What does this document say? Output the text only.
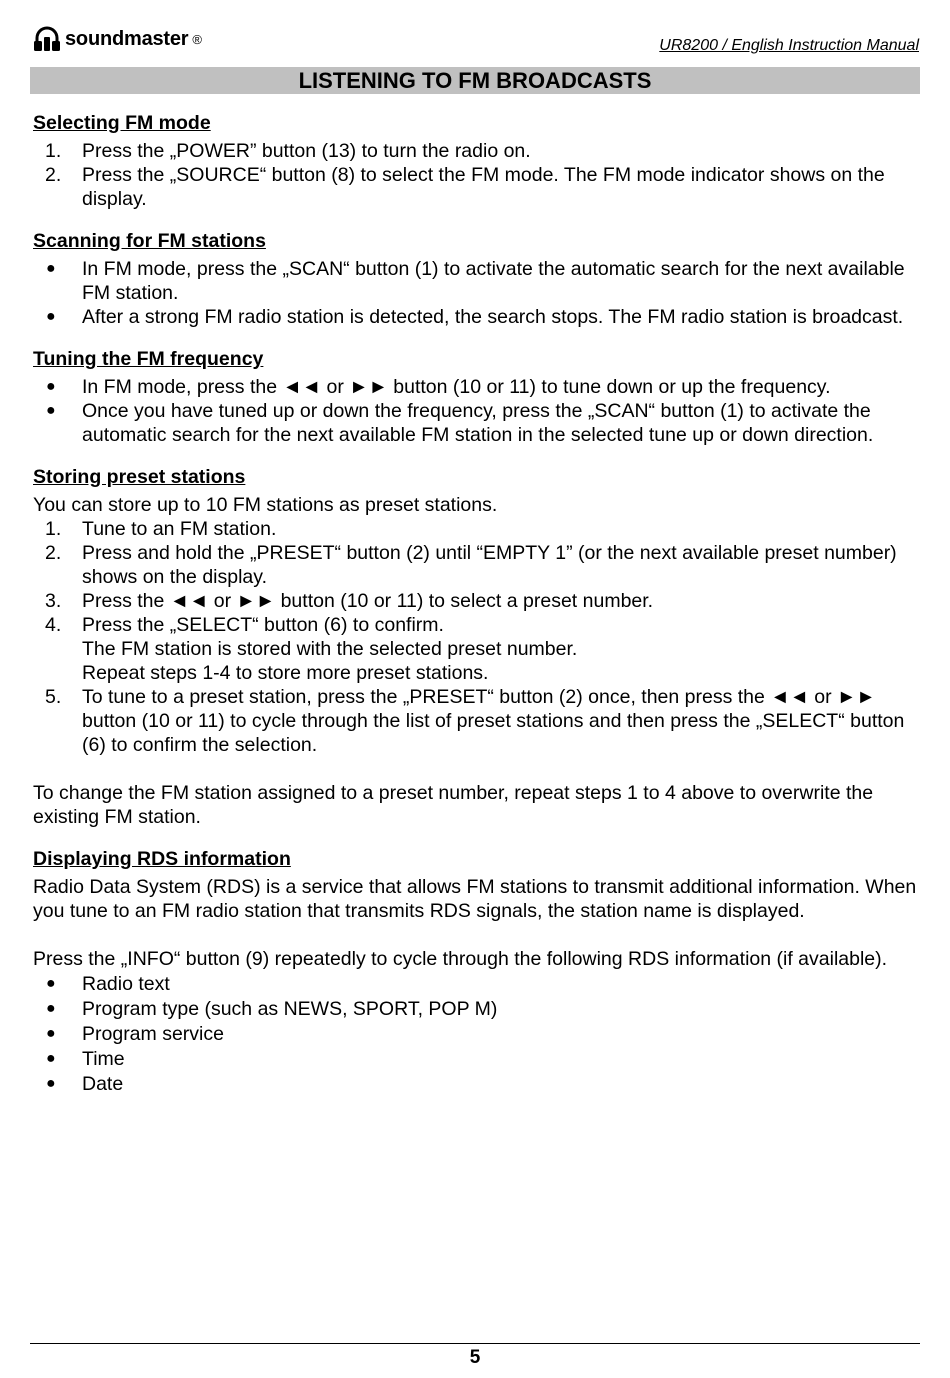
soundmaster ®	UR8200 / English Instruction Manual
LISTENING TO FM BROADCASTS
Selecting FM mode
1. Press the „POWER” button (13) to turn the radio on.
2. Press the „SOURCE“ button (8) to select the FM mode. The FM mode indicator shows on the display.
Scanning for FM stations
● In FM mode, press the „SCAN“ button (1) to activate the automatic search for the next available FM station.
● After a strong FM radio station is detected, the search stops. The FM radio station is broadcast.
Tuning the FM frequency
● In FM mode, press the ◄◄ or ►► button (10 or 11) to tune down or up the frequency.
● Once you have tuned up or down the frequency, press the „SCAN“ button (1) to activate the automatic search for the next available FM station in the selected tune up or down direction.
Storing preset stations

You can store up to 10 FM stations as preset stations.

1. Tune to an FM station.
2. Press and hold the „PRESET“ button (2) until “EMPTY 1” (or the next available preset number) shows on the display.
3. Press the ◄◄ or ►► button (10 or 11) to select a preset number.
4. Press the „SELECT“ button (6) to confirm.
The FM station is stored with the selected preset number.
Repeat steps 1-4 to store more preset stations.
5. To tune to a preset station, press the „PRESET“ button (2) once, then press the ◄◄ or ►► button (10 or 11) to cycle through the list of preset stations and then press the „SELECT“ button (6) to confirm the selection.

To change the FM station assigned to a preset number, repeat steps 1 to 4 above to overwrite the existing FM station.

Displaying RDS information

Radio Data System (RDS) is a service that allows FM stations to transmit additional information. When you tune to an FM radio station that transmits RDS signals, the station name is displayed.

Press the „INFO“ button (9) repeatedly to cycle through the following RDS information (if available).

● Radio text
● Program type (such as NEWS, SPORT, POP M)
● Program service
● Time
● Date
5
